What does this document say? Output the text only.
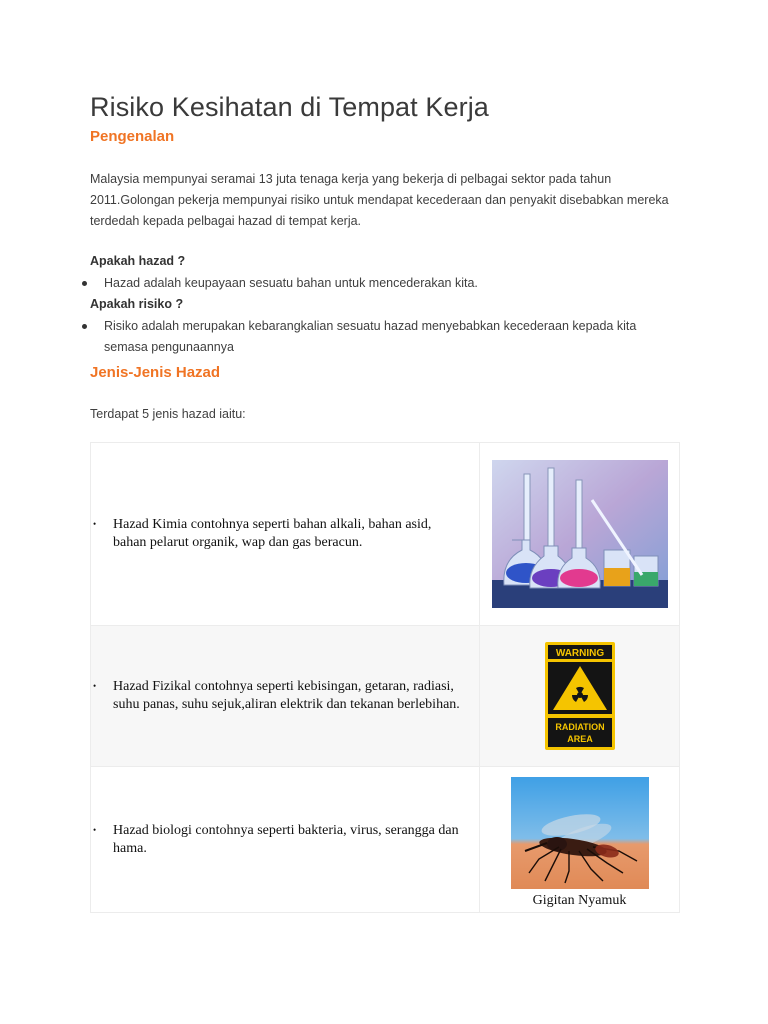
Risiko Kesihatan di Tempat Kerja
Pengenalan

Malaysia mempunyai seramai 13 juta tenaga kerja yang bekerja di pelbagai sektor pada tahun 2011.Golongan pekerja mempunyai risiko untuk mendapat kecederaan dan penyakit disebabkan mereka terdedah kepada pelbagai hazad di tempat kerja.

Apakah hazad ?

Hazad adalah keupayaan sesuatu bahan untuk mencederakan kita.

Apakah risiko ?

Risiko adalah merupakan kebarangkalian sesuatu hazad menyebabkan kecederaan kepada kita semasa pengunaannya

Jenis-Jenis Hazad

Terdapat 5 jenis hazad iaitu:

• Hazad Kimia contohnya seperti bahan alkali, bahan asid, bahan pelarut organik, wap dan gas beracun.

• Hazad Fizikal contohnya seperti kebisingan, getaran, radiasi, suhu panas, suhu sejuk,aliran elektrik dan tekanan berlebihan.	WARNING
RADIATION
AREA

• Hazad biologi contohnya seperti bakteria, virus, serangga dan hama.	Gigitan Nyamuk
